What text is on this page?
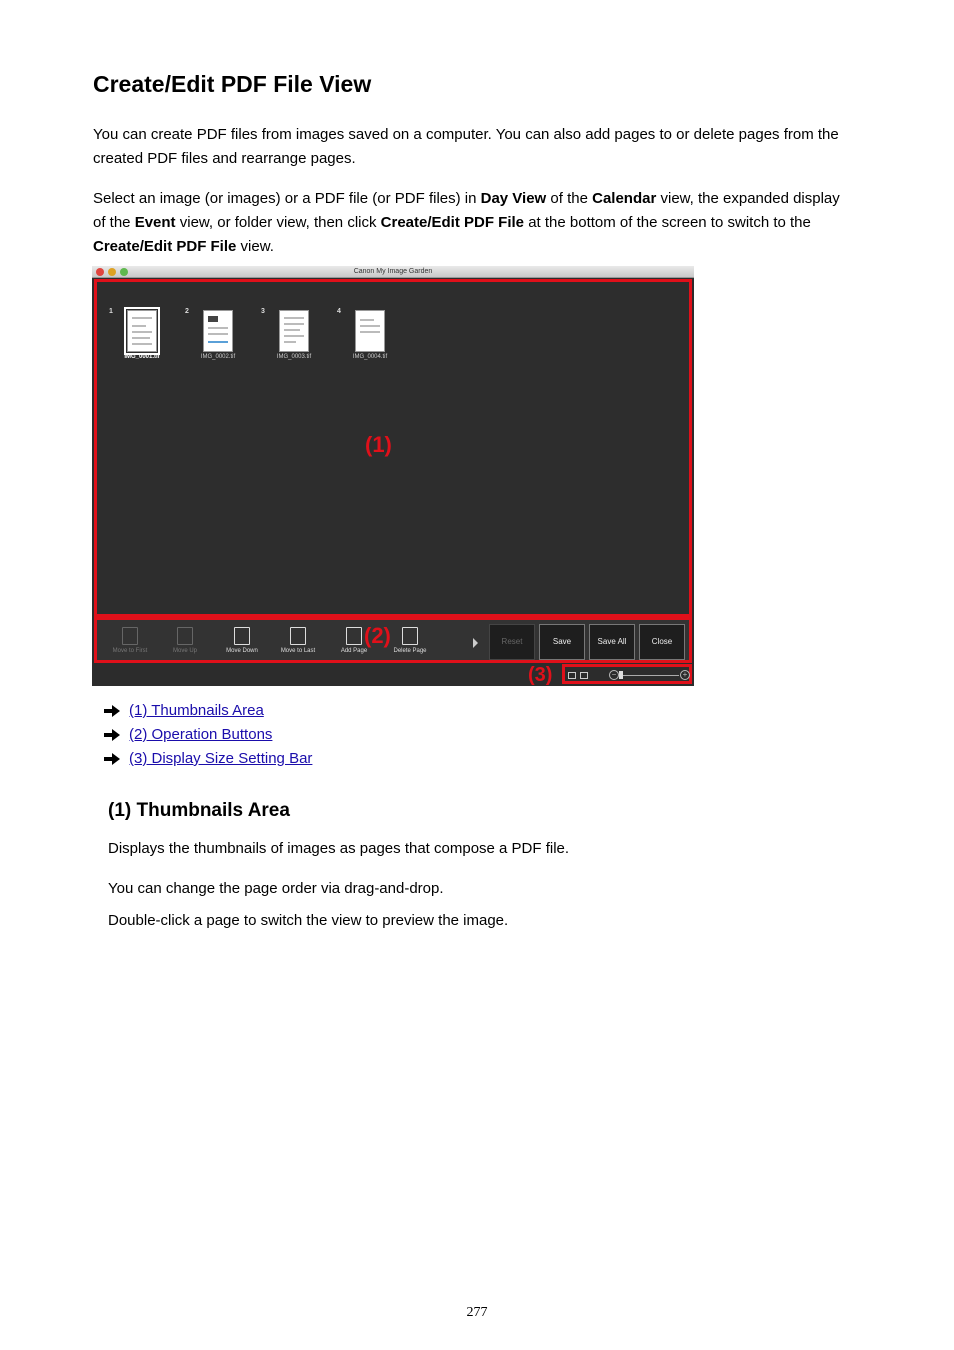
Create/Edit PDF File View

You can create PDF files from images saved on a computer. You can also add pages to or delete pages from the created PDF files and rearrange pages.

Select an image (or images) or a PDF file (or PDF files) in Day View of the Calendar view, the expanded display of the Event view, or folder view, then click Create/Edit PDF File at the bottom of the screen to switch to the Create/Edit PDF File view.

Canon My Image Garden
1
IMG_0001.tif
2
IMG_0002.tif
3
IMG_0003.tif
4
IMG_0004.tif
(1)
Move to First	Move Up	Move Down	Move to Last	Add Page	Delete Page
Reset	Save	Save All	Close
(2)
−	+
(3)
(1) Thumbnails Area
(2) Operation Buttons
(3) Display Size Setting Bar
(1) Thumbnails Area

Displays the thumbnails of images as pages that compose a PDF file.

You can change the page order via drag-and-drop.

Double-click a page to switch the view to preview the image.

277
